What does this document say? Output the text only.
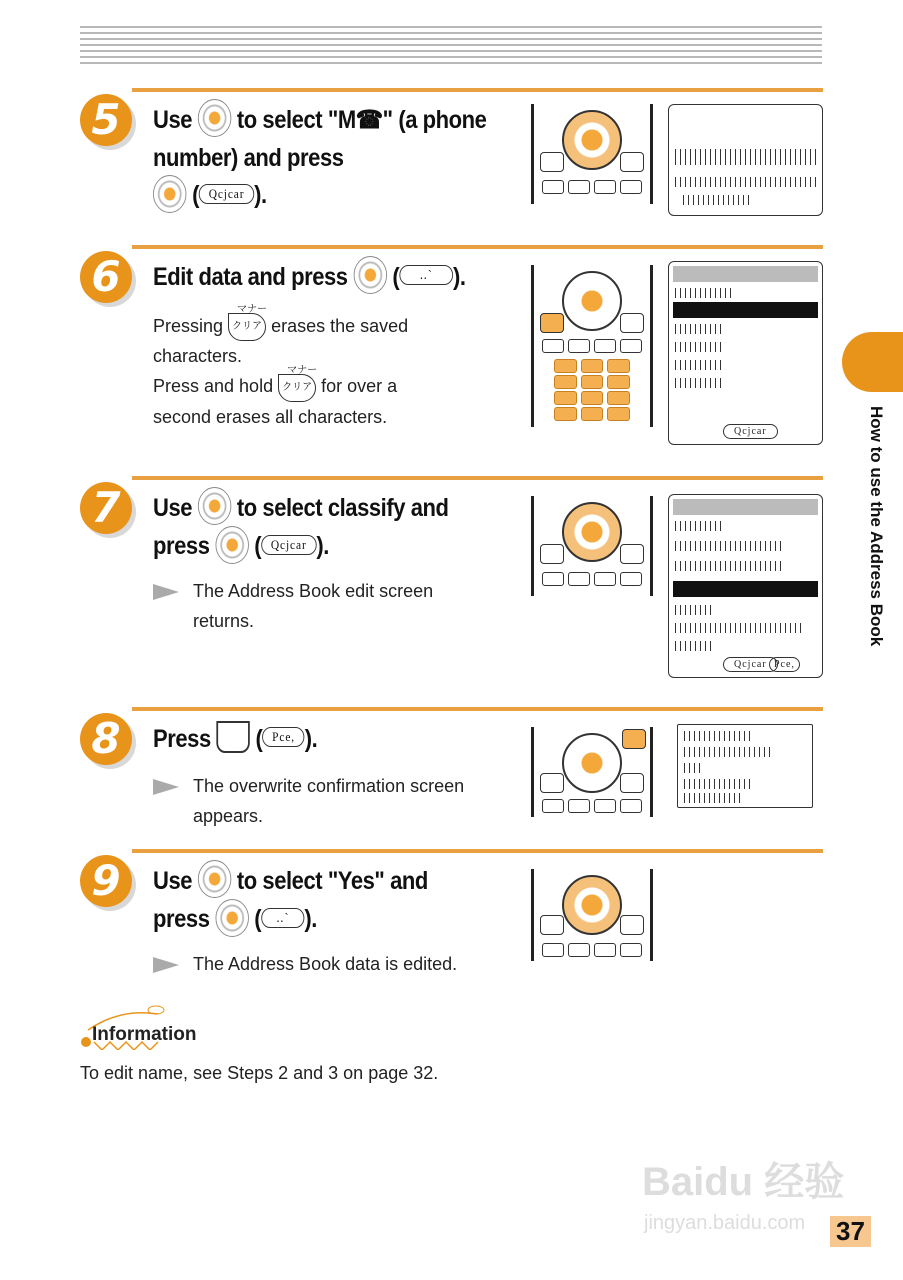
5	Use to select "M☎" (a phone
number) and press
( Qcjcar ).
6	Edit data and press ( ‥` ).
Pressing
マナー
クリア erases the saved
characters.
Press and hold
マナー
クリア for over a
second erases all characters.
Qcjcar
7	Use to select classify and
press ( Qcjcar ).
The Address Book edit screen
returns.
Qcjcar Pce,
8	Press ( Pce, ).
The overwrite confirmation screen
appears.
9	Use to select "Yes" and
press ( ‥` ).
The Address Book data is edited.
How to use the Address Book
Information
To edit name, see Steps 2 and 3 on page 32.
Baidu 经验
jingyan.baidu.com 37
